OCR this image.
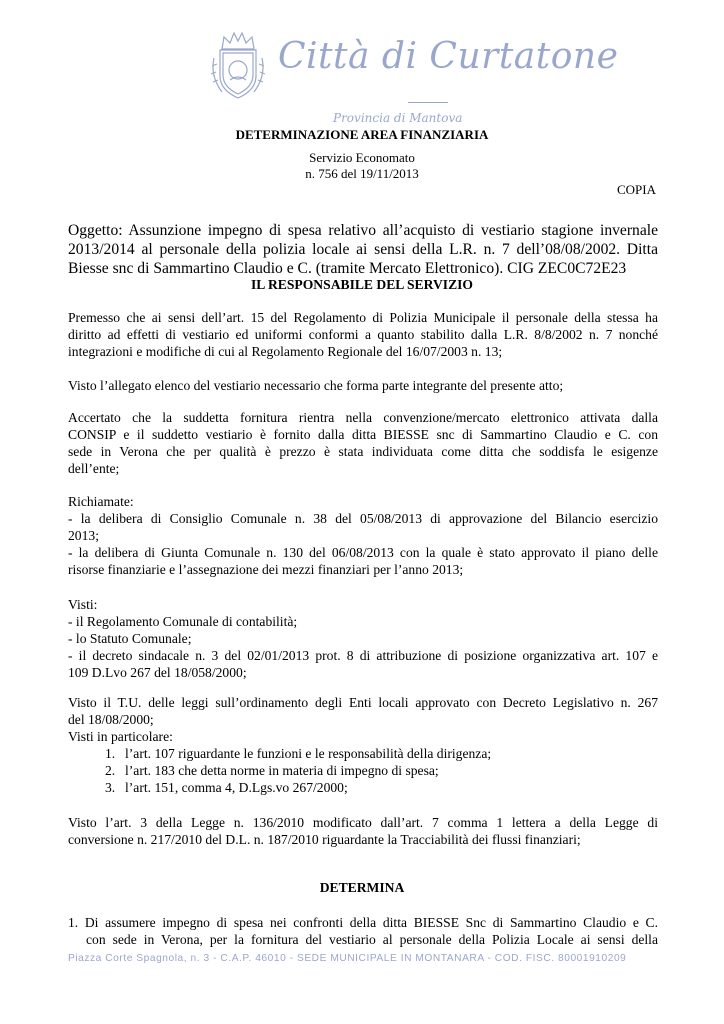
Città di Curtatone
Provincia di Mantova
DETERMINAZIONE AREA FINANZIARIA
Servizio Economato
n. 756 del 19/11/2013
COPIA
Oggetto: Assunzione impegno di spesa relativo all’acquisto di vestiario stagione invernale
2013/2014 al personale della polizia locale ai sensi della L.R. n. 7 dell’08/08/2002. Ditta
Biesse snc di Sammartino Claudio e C. (tramite Mercato Elettronico). CIG ZEC0C72E23
IL RESPONSABILE DEL SERVIZIO
Premesso che ai sensi dell’art. 15 del Regolamento di Polizia Municipale il personale della stessa ha
diritto ad effetti di vestiario ed uniformi conformi a quanto stabilito dalla L.R. 8/8/2002 n. 7 nonché
integrazioni e modifiche di cui al Regolamento Regionale del 16/07/2003 n. 13;
Visto l’allegato elenco del vestiario necessario che forma parte integrante del presente atto;
Accertato che la suddetta fornitura rientra nella convenzione/mercato elettronico attivata dalla
CONSIP e il suddetto vestiario è fornito dalla ditta BIESSE snc di Sammartino Claudio e C. con
sede in Verona che per qualità è prezzo è stata individuata come ditta che soddisfa le esigenze
dell’ente;
Richiamate:
- la delibera di Consiglio Comunale n. 38 del 05/08/2013 di approvazione del Bilancio esercizio
2013;
- la delibera di Giunta Comunale n. 130 del 06/08/2013 con la quale è stato approvato il piano delle
risorse finanziarie e l’assegnazione dei mezzi finanziari per l’anno 2013;
Visti:
- il Regolamento Comunale di contabilità;
- lo Statuto Comunale;
- il decreto sindacale n. 3 del 02/01/2013 prot. 8 di attribuzione di posizione organizzativa art. 107 e
109 D.Lvo 267 del 18/058/2000;
Visto il T.U. delle leggi sull’ordinamento degli Enti locali approvato con Decreto Legislativo n. 267
del 18/08/2000;
Visti in particolare:
1. l’art. 107 riguardante le funzioni e le responsabilità della dirigenza;
2. l’art. 183 che detta norme in materia di impegno di spesa;
3. l’art. 151, comma 4, D.Lgs.vo 267/2000;
Visto l’art. 3 della Legge n. 136/2010 modificato dall’art. 7 comma 1 lettera a della Legge di
conversione n. 217/2010 del D.L. n. 187/2010 riguardante la Tracciabilità dei flussi finanziari;
DETERMINA
1. Di assumere impegno di spesa nei confronti della ditta BIESSE Snc di Sammartino Claudio e C.
con sede in Verona, per la fornitura del vestiario al personale della Polizia Locale ai sensi della
Piazza Corte Spagnola, n. 3 - C.A.P. 46010 - SEDE MUNICIPALE IN MONTANARA - COD. FISC. 80001910209
